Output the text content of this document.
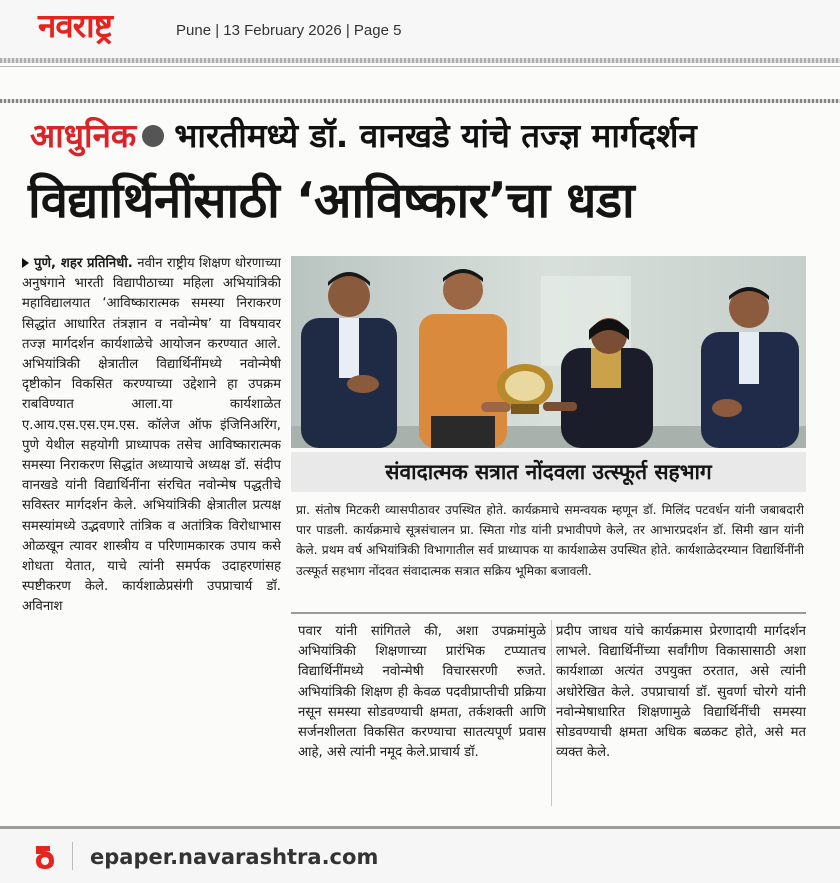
नवराष्ट्र	Pune | 13 February 2026 | Page 5
आधुनिक भारतीमध्ये डॉ. वानखडे यांचे तज्ज्ञ मार्गदर्शन
विद्यार्थिनींसाठी ‘आविष्कार’चा धडा
पुणे, शहर प्रतिनिधी. नवीन राष्ट्रीय शिक्षण धोरणाच्या अनुषंगाने भारती विद्यापीठाच्या महिला अभियांत्रिकी महाविद्यालयात ‘आविष्कारात्मक समस्या निराकरण सिद्धांत आधारित तंत्रज्ञान व नवोन्मेष’ या विषयावर तज्ज्ञ मार्गदर्शन कार्यशाळेचे आयोजन करण्यात आले. अभियांत्रिकी क्षेत्रातील विद्यार्थिनींमध्ये नवोन्मेषी दृष्टीकोन विकसित करण्याच्या उद्देशाने हा उपक्रम राबविण्यात आला.या कार्यशाळेत ए.आय.एस.एस.एम.एस. कॉलेज ऑफ इंजिनिअरिंग, पुणे येथील सहयोगी प्राध्यापक तसेच आविष्कारात्मक समस्या निराकरण सिद्धांत अध्यायाचे अध्यक्ष डॉ. संदीप वानखडे यांनी विद्यार्थिनींना संरचित नवोन्मेष पद्धतीचे सविस्तर मार्गदर्शन केले. अभियांत्रिकी क्षेत्रातील प्रत्यक्ष समस्यांमध्ये उद्भवणारे तांत्रिक व अतांत्रिक विरोधाभास ओळखून त्यावर शास्त्रीय व परिणामकारक उपाय कसे शोधता येतात, याचे त्यांनी समर्पक उदाहरणांसह स्पष्टीकरण केले. कार्यशाळेप्रसंगी उपप्राचार्य डॉ. अविनाश
संवादात्मक सत्रात नोंदवला उत्स्फूर्त सहभाग
प्रा. संतोष मिटकरी व्यासपीठावर उपस्थित होते. कार्यक्रमाचे समन्वयक म्हणून डॉ. मिलिंद पटवर्धन यांनी जबाबदारी पार पाडली. कार्यक्रमाचे सूत्रसंचालन प्रा. स्मिता गोड यांनी प्रभावीपणे केले, तर आभारप्रदर्शन डॉ. सिमी खान यांनी केले. प्रथम वर्ष अभियांत्रिकी विभागातील सर्व प्राध्यापक या कार्यशाळेस उपस्थित होते. कार्यशाळेदरम्यान विद्यार्थिनींनी उत्स्फूर्त सहभाग नोंदवत संवादात्मक सत्रात सक्रिय भूमिका बजावली.
पवार यांनी सांगितले की, अशा उपक्रमांमुळे अभियांत्रिकी शिक्षणाच्या प्रारंभिक टप्प्यातच विद्यार्थिनींमध्ये नवोन्मेषी विचारसरणी रुजते. अभियांत्रिकी शिक्षण ही केवळ पदवीप्राप्तीची प्रक्रिया नसून समस्या सोडवण्याची क्षमता, तर्कशक्ती आणि सर्जनशीलता विकसित करण्याचा सातत्यपूर्ण प्रवास आहे, असे त्यांनी नमूद केले.प्राचार्य डॉ.
प्रदीप जाधव यांचे कार्यक्रमास प्रेरणादायी मार्गदर्शन लाभले. विद्यार्थिनींच्या सर्वांगीण विकासासाठी अशा कार्यशाळा अत्यंत उपयुक्त ठरतात, असे त्यांनी अधोरेखित केले. उपप्राचार्या डॉ. सुवर्णा चोरगे यांनी नवोन्मेषाधारित शिक्षणामुळे विद्यार्थिनींची समस्या सोडवण्याची क्षमता अधिक बळकट होते, असे मत व्यक्त केले.
epaper.navarashtra.com
